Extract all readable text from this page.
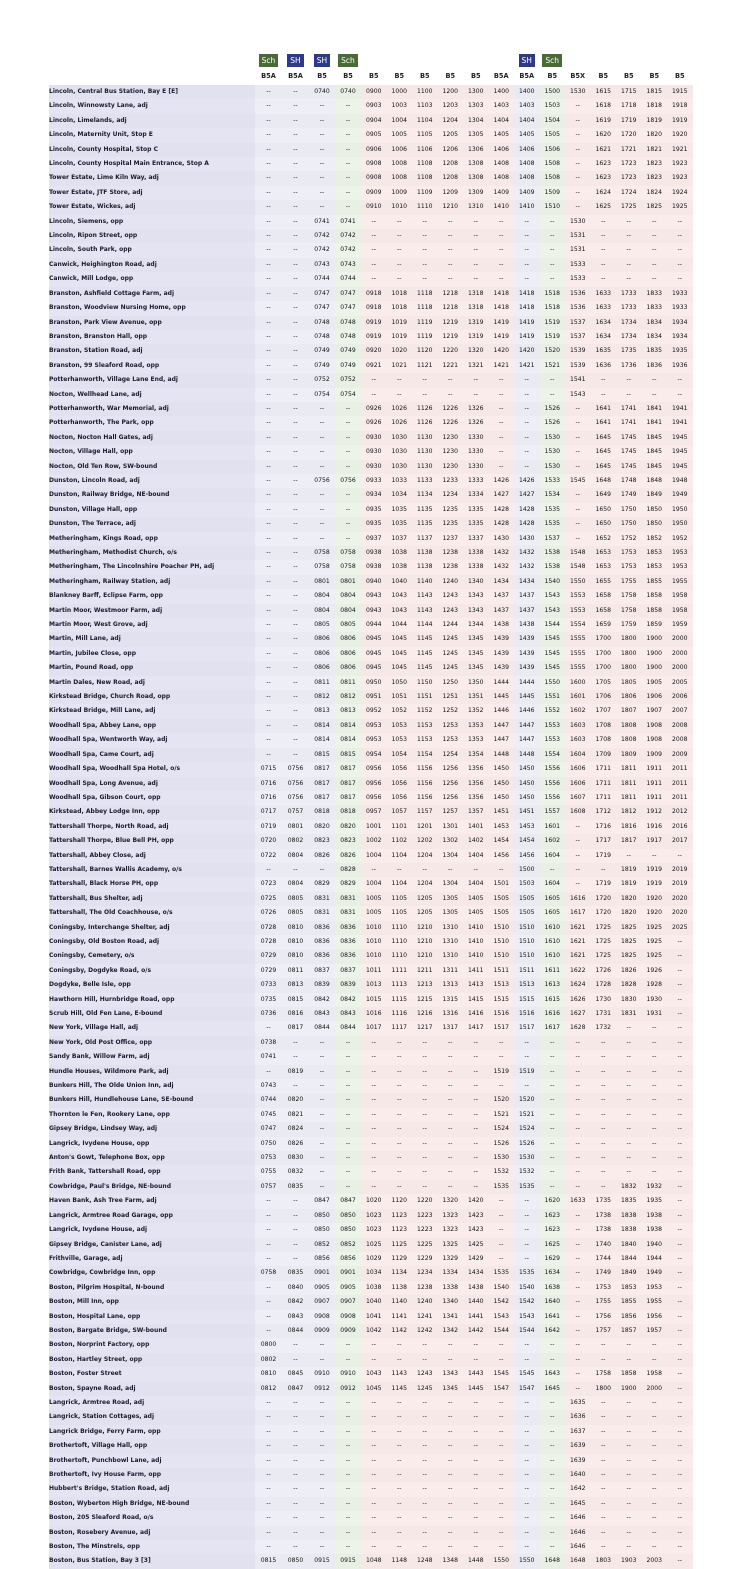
	Sch	SH	SH	Sch							SH	Sch					
	B5A	B5A	B5	B5	B5	B5	B5	B5	B5	B5A	B5A	B5	B5X	B5	B5	B5	B5
Lincoln, Central Bus Station, Bay E [E]	--	--	0740	0740	0900	1000	1100	1200	1300	1400	1400	1500	1530	1615	1715	1815	1915
Lincoln, Winnowsty Lane, adj	--	--	--	--	0903	1003	1103	1203	1303	1403	1403	1503	--	1618	1718	1818	1918
Lincoln, Limelands, adj	--	--	--	--	0904	1004	1104	1204	1304	1404	1404	1504	--	1619	1719	1819	1919
Lincoln, Maternity Unit, Stop E	--	--	--	--	0905	1005	1105	1205	1305	1405	1405	1505	--	1620	1720	1820	1920
Lincoln, County Hospital, Stop C	--	--	--	--	0906	1006	1106	1206	1306	1406	1406	1506	--	1621	1721	1821	1921
Lincoln, County Hospital Main Entrance, Stop A	--	--	--	--	0908	1008	1108	1208	1308	1408	1408	1508	--	1623	1723	1823	1923
Tower Estate, Lime Kiln Way, adj	--	--	--	--	0908	1008	1108	1208	1308	1408	1408	1508	--	1623	1723	1823	1923
Tower Estate, JTF Store, adj	--	--	--	--	0909	1009	1109	1209	1309	1409	1409	1509	--	1624	1724	1824	1924
Tower Estate, Wickes, adj	--	--	--	--	0910	1010	1110	1210	1310	1410	1410	1510	--	1625	1725	1825	1925
Lincoln, Siemens, opp	--	--	0741	0741	--	--	--	--	--	--	--	--	1530	--	--	--	--
Lincoln, Ripon Street, opp	--	--	0742	0742	--	--	--	--	--	--	--	--	1531	--	--	--	--
Lincoln, South Park, opp	--	--	0742	0742	--	--	--	--	--	--	--	--	1531	--	--	--	--
Canwick, Heighington Road, adj	--	--	0743	0743	--	--	--	--	--	--	--	--	1533	--	--	--	--
Canwick, Mill Lodge, opp	--	--	0744	0744	--	--	--	--	--	--	--	--	1533	--	--	--	--
Branston, Ashfield Cottage Farm, adj	--	--	0747	0747	0918	1018	1118	1218	1318	1418	1418	1518	1536	1633	1733	1833	1933
Branston, Woodview Nursing Home, opp	--	--	0747	0747	0918	1018	1118	1218	1318	1418	1418	1518	1536	1633	1733	1833	1933
Branston, Park View Avenue, opp	--	--	0748	0748	0919	1019	1119	1219	1319	1419	1419	1519	1537	1634	1734	1834	1934
Branston, Branston Hall, opp	--	--	0748	0748	0919	1019	1119	1219	1319	1419	1419	1519	1537	1634	1734	1834	1934
Branston, Station Road, adj	--	--	0749	0749	0920	1020	1120	1220	1320	1420	1420	1520	1539	1635	1735	1835	1935
Branston, 99 Sleaford Road, opp	--	--	0749	0749	0921	1021	1121	1221	1321	1421	1421	1521	1539	1636	1736	1836	1936
Potterhanworth, Village Lane End, adj	--	--	0752	0752	--	--	--	--	--	--	--	--	1541	--	--	--	--
Nocton, Wellhead Lane, adj	--	--	0754	0754	--	--	--	--	--	--	--	--	1543	--	--	--	--
Potterhanworth, War Memorial, adj	--	--	--	--	0926	1026	1126	1226	1326	--	--	1526	--	1641	1741	1841	1941
Potterhanworth, The Park, opp	--	--	--	--	0926	1026	1126	1226	1326	--	--	1526	--	1641	1741	1841	1941
Nocton, Nocton Hall Gates, adj	--	--	--	--	0930	1030	1130	1230	1330	--	--	1530	--	1645	1745	1845	1945
Nocton, Village Hall, opp	--	--	--	--	0930	1030	1130	1230	1330	--	--	1530	--	1645	1745	1845	1945
Nocton, Old Ten Row, SW-bound	--	--	--	--	0930	1030	1130	1230	1330	--	--	1530	--	1645	1745	1845	1945
Dunston, Lincoln Road, adj	--	--	0756	0756	0933	1033	1133	1233	1333	1426	1426	1533	1545	1648	1748	1848	1948
Dunston, Railway Bridge, NE-bound	--	--	--	--	0934	1034	1134	1234	1334	1427	1427	1534	--	1649	1749	1849	1949
Dunston, Village Hall, opp	--	--	--	--	0935	1035	1135	1235	1335	1428	1428	1535	--	1650	1750	1850	1950
Dunston, The Terrace, adj	--	--	--	--	0935	1035	1135	1235	1335	1428	1428	1535	--	1650	1750	1850	1950
Metheringham, Kings Road, opp	--	--	--	--	0937	1037	1137	1237	1337	1430	1430	1537	--	1652	1752	1852	1952
Metheringham, Methodist Church, o/s	--	--	0758	0758	0938	1038	1138	1238	1338	1432	1432	1538	1548	1653	1753	1853	1953
Metheringham, The Lincolnshire Poacher PH, adj	--	--	0758	0758	0938	1038	1138	1238	1338	1432	1432	1538	1548	1653	1753	1853	1953
Metheringham, Railway Station, adj	--	--	0801	0801	0940	1040	1140	1240	1340	1434	1434	1540	1550	1655	1755	1855	1955
Blankney Barff, Eclipse Farm, opp	--	--	0804	0804	0943	1043	1143	1243	1343	1437	1437	1543	1553	1658	1758	1858	1958
Martin Moor, Westmoor Farm, adj	--	--	0804	0804	0943	1043	1143	1243	1343	1437	1437	1543	1553	1658	1758	1858	1958
Martin Moor, West Grove, adj	--	--	0805	0805	0944	1044	1144	1244	1344	1438	1438	1544	1554	1659	1759	1859	1959
Martin, Mill Lane, adj	--	--	0806	0806	0945	1045	1145	1245	1345	1439	1439	1545	1555	1700	1800	1900	2000
Martin, Jubilee Close, opp	--	--	0806	0806	0945	1045	1145	1245	1345	1439	1439	1545	1555	1700	1800	1900	2000
Martin, Pound Road, opp	--	--	0806	0806	0945	1045	1145	1245	1345	1439	1439	1545	1555	1700	1800	1900	2000
Martin Dales, New Road, adj	--	--	0811	0811	0950	1050	1150	1250	1350	1444	1444	1550	1600	1705	1805	1905	2005
Kirkstead Bridge, Church Road, opp	--	--	0812	0812	0951	1051	1151	1251	1351	1445	1445	1551	1601	1706	1806	1906	2006
Kirkstead Bridge, Mill Lane, adj	--	--	0813	0813	0952	1052	1152	1252	1352	1446	1446	1552	1602	1707	1807	1907	2007
Woodhall Spa, Abbey Lane, opp	--	--	0814	0814	0953	1053	1153	1253	1353	1447	1447	1553	1603	1708	1808	1908	2008
Woodhall Spa, Wentworth Way, adj	--	--	0814	0814	0953	1053	1153	1253	1353	1447	1447	1553	1603	1708	1808	1908	2008
Woodhall Spa, Came Court, adj	--	--	0815	0815	0954	1054	1154	1254	1354	1448	1448	1554	1604	1709	1809	1909	2009
Woodhall Spa, Woodhall Spa Hotel, o/s	0715	0756	0817	0817	0956	1056	1156	1256	1356	1450	1450	1556	1606	1711	1811	1911	2011
Woodhall Spa, Long Avenue, adj	0716	0756	0817	0817	0956	1056	1156	1256	1356	1450	1450	1556	1606	1711	1811	1911	2011
Woodhall Spa, Gibson Court, opp	0716	0756	0817	0817	0956	1056	1156	1256	1356	1450	1450	1556	1607	1711	1811	1911	2011
Kirkstead, Abbey Lodge Inn, opp	0717	0757	0818	0818	0957	1057	1157	1257	1357	1451	1451	1557	1608	1712	1812	1912	2012
Tattershall Thorpe, North Road, adj	0719	0801	0820	0820	1001	1101	1201	1301	1401	1453	1453	1601	--	1716	1816	1916	2016
Tattershall Thorpe, Blue Bell PH, opp	0720	0802	0823	0823	1002	1102	1202	1302	1402	1454	1454	1602	--	1717	1817	1917	2017
Tattershall, Abbey Close, adj	0722	0804	0826	0826	1004	1104	1204	1304	1404	1456	1456	1604	--	1719	--	--	--
Tattershall, Barnes Wallis Academy, o/s	--	--	--	0828	--	--	--	--	--	--	1500	--	--	--	1819	1919	2019
Tattershall, Black Horse PH, opp	0723	0804	0829	0829	1004	1104	1204	1304	1404	1501	1503	1604	--	1719	1819	1919	2019
Tattershall, Bus Shelter, adj	0725	0805	0831	0831	1005	1105	1205	1305	1405	1505	1505	1605	1616	1720	1820	1920	2020
Tattershall, The Old Coachhouse, o/s	0726	0805	0831	0831	1005	1105	1205	1305	1405	1505	1505	1605	1617	1720	1820	1920	2020
Coningsby, Interchange Shelter, adj	0728	0810	0836	0836	1010	1110	1210	1310	1410	1510	1510	1610	1621	1725	1825	1925	2025
Coningsby, Old Boston Road, adj	0728	0810	0836	0836	1010	1110	1210	1310	1410	1510	1510	1610	1621	1725	1825	1925	--
Coningsby, Cemetery, o/s	0729	0810	0836	0836	1010	1110	1210	1310	1410	1510	1510	1610	1621	1725	1825	1925	--
Coningsby, Dogdyke Road, o/s	0729	0811	0837	0837	1011	1111	1211	1311	1411	1511	1511	1611	1622	1726	1826	1926	--
Dogdyke, Belle Isle, opp	0733	0813	0839	0839	1013	1113	1213	1313	1413	1513	1513	1613	1624	1728	1828	1928	--
Hawthorn Hill, Hurnbridge Road, opp	0735	0815	0842	0842	1015	1115	1215	1315	1415	1515	1515	1615	1626	1730	1830	1930	--
Scrub Hill, Old Fen Lane, E-bound	0736	0816	0843	0843	1016	1116	1216	1316	1416	1516	1516	1616	1627	1731	1831	1931	--
New York, Village Hall, adj	--	0817	0844	0844	1017	1117	1217	1317	1417	1517	1517	1617	1628	1732	--	--	--
New York, Old Post Office, opp	0738	--	--	--	--	--	--	--	--	--	--	--	--	--	--	--	--
Sandy Bank, Willow Farm, adj	0741	--	--	--	--	--	--	--	--	--	--	--	--	--	--	--	--
Hundle Houses, Wildmore Park, adj	--	0819	--	--	--	--	--	--	--	1519	1519	--	--	--	--	--	--
Bunkers Hill, The Olde Union Inn, adj	0743	--	--	--	--	--	--	--	--	--	--	--	--	--	--	--	--
Bunkers Hill, Hundlehouse Lane, SE-bound	0744	0820	--	--	--	--	--	--	--	1520	1520	--	--	--	--	--	--
Thornton le Fen, Rookery Lane, opp	0745	0821	--	--	--	--	--	--	--	1521	1521	--	--	--	--	--	--
Gipsey Bridge, Lindsey Way, adj	0747	0824	--	--	--	--	--	--	--	1524	1524	--	--	--	--	--	--
Langrick, Ivydene House, opp	0750	0826	--	--	--	--	--	--	--	1526	1526	--	--	--	--	--	--
Anton's Gowt, Telephone Box, opp	0753	0830	--	--	--	--	--	--	--	1530	1530	--	--	--	--	--	--
Frith Bank, Tattershall Road, opp	0755	0832	--	--	--	--	--	--	--	1532	1532	--	--	--	--	--	--
Cowbridge, Paul's Bridge, NE-bound	0757	0835	--	--	--	--	--	--	--	1535	1535	--	--	--	1832	1932	--
Haven Bank, Ash Tree Farm, adj	--	--	0847	0847	1020	1120	1220	1320	1420	--	--	1620	1633	1735	1835	1935	--
Langrick, Armtree Road Garage, opp	--	--	0850	0850	1023	1123	1223	1323	1423	--	--	1623	--	1738	1838	1938	--
Langrick, Ivydene House, adj	--	--	0850	0850	1023	1123	1223	1323	1423	--	--	1623	--	1738	1838	1938	--
Gipsey Bridge, Canister Lane, adj	--	--	0852	0852	1025	1125	1225	1325	1425	--	--	1625	--	1740	1840	1940	--
Frithville, Garage, adj	--	--	0856	0856	1029	1129	1229	1329	1429	--	--	1629	--	1744	1844	1944	--
Cowbridge, Cowbridge Inn, opp	0758	0835	0901	0901	1034	1134	1234	1334	1434	1535	1535	1634	--	1749	1849	1949	--
Boston, Pilgrim Hospital, N-bound	--	0840	0905	0905	1038	1138	1238	1338	1438	1540	1540	1638	--	1753	1853	1953	--
Boston, Mill Inn, opp	--	0842	0907	0907	1040	1140	1240	1340	1440	1542	1542	1640	--	1755	1855	1955	--
Boston, Hospital Lane, opp	--	0843	0908	0908	1041	1141	1241	1341	1441	1543	1543	1641	--	1756	1856	1956	--
Boston, Bargate Bridge, SW-bound	--	0844	0909	0909	1042	1142	1242	1342	1442	1544	1544	1642	--	1757	1857	1957	--
Boston, Norprint Factory, opp	0800	--	--	--	--	--	--	--	--	--	--	--	--	--	--	--	--
Boston, Hartley Street, opp	0802	--	--	--	--	--	--	--	--	--	--	--	--	--	--	--	--
Boston, Foster Street	0810	0845	0910	0910	1043	1143	1243	1343	1443	1545	1545	1643	--	1758	1858	1958	--
Boston, Spayne Road, adj	0812	0847	0912	0912	1045	1145	1245	1345	1445	1547	1547	1645	--	1800	1900	2000	--
Langrick, Armtree Road, adj	--	--	--	--	--	--	--	--	--	--	--	--	1635	--	--	--	--
Langrick, Station Cottages, adj	--	--	--	--	--	--	--	--	--	--	--	--	1636	--	--	--	--
Langrick Bridge, Ferry Farm, opp	--	--	--	--	--	--	--	--	--	--	--	--	1637	--	--	--	--
Brothertoft, Village Hall, opp	--	--	--	--	--	--	--	--	--	--	--	--	1639	--	--	--	--
Brothertoft, Punchbowl Lane, adj	--	--	--	--	--	--	--	--	--	--	--	--	1639	--	--	--	--
Brothertoft, Ivy House Farm, opp	--	--	--	--	--	--	--	--	--	--	--	--	1640	--	--	--	--
Hubbert's Bridge, Station Road, adj	--	--	--	--	--	--	--	--	--	--	--	--	1642	--	--	--	--
Boston, Wyberton High Bridge, NE-bound	--	--	--	--	--	--	--	--	--	--	--	--	1645	--	--	--	--
Boston, 205 Sleaford Road, o/s	--	--	--	--	--	--	--	--	--	--	--	--	1646	--	--	--	--
Boston, Rosebery Avenue, adj	--	--	--	--	--	--	--	--	--	--	--	--	1646	--	--	--	--
Boston, The Minstrels, opp	--	--	--	--	--	--	--	--	--	--	--	--	1646	--	--	--	--
Boston, Bus Station, Bay 3 [3]	0815	0850	0915	0915	1048	1148	1248	1348	1448	1550	1550	1648	1648	1803	1903	2003	--
